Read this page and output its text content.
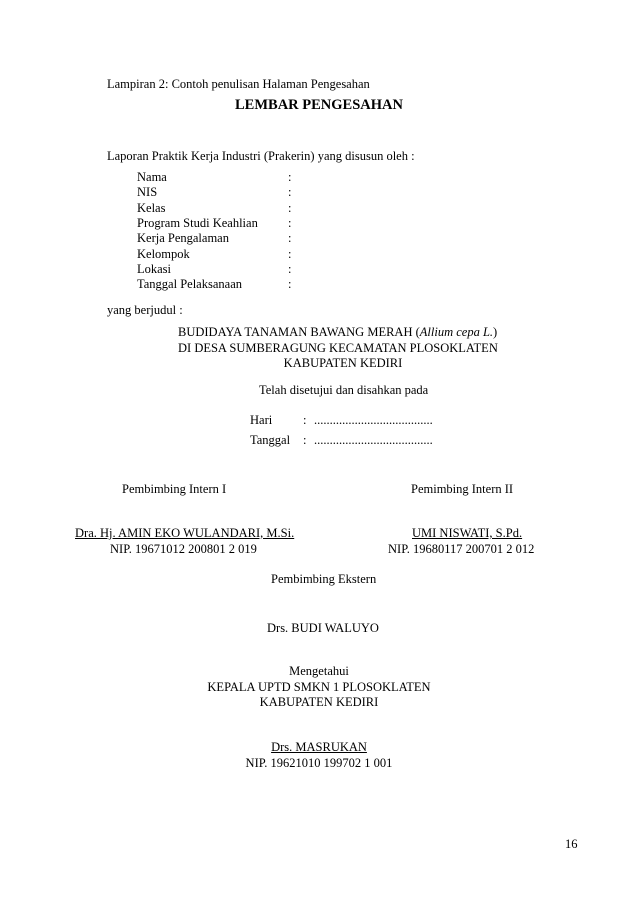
Lampiran 2: Contoh penulisan Halaman Pengesahan
LEMBAR PENGESAHAN
Laporan Praktik Kerja Industri (Prakerin) yang disusun oleh :
Nama	:
NIS	:
Kelas	:
Program Studi Keahlian :
Kerja Pengalaman	:
Kelompok	:
Lokasi	:
Tanggal Pelaksanaan	:
yang berjudul :
BUDIDAYA TANAMAN BAWANG MERAH (Allium cepa L.)
DI DESA SUMBERAGUNG KECAMATAN PLOSOKLATEN
KABUPATEN KEDIRI
Telah disetujui dan disahkan pada
Hari : ......................................
Tanggal : ......................................
Pembimbing Intern I	Pemimbing Intern II
Dra. Hj. AMIN EKO WULANDARI, M.Si.	UMI NISWATI, S.Pd.
NIP. 19671012 200801 2 019	NIP. 19680117 200701 2 012
Pembimbing Ekstern
Drs. BUDI WALUYO
Mengetahui
KEPALA UPTD SMKN 1 PLOSOKLATEN
KABUPATEN KEDIRI
Drs. MASRUKAN
NIP. 19621010 199702 1 001
16
